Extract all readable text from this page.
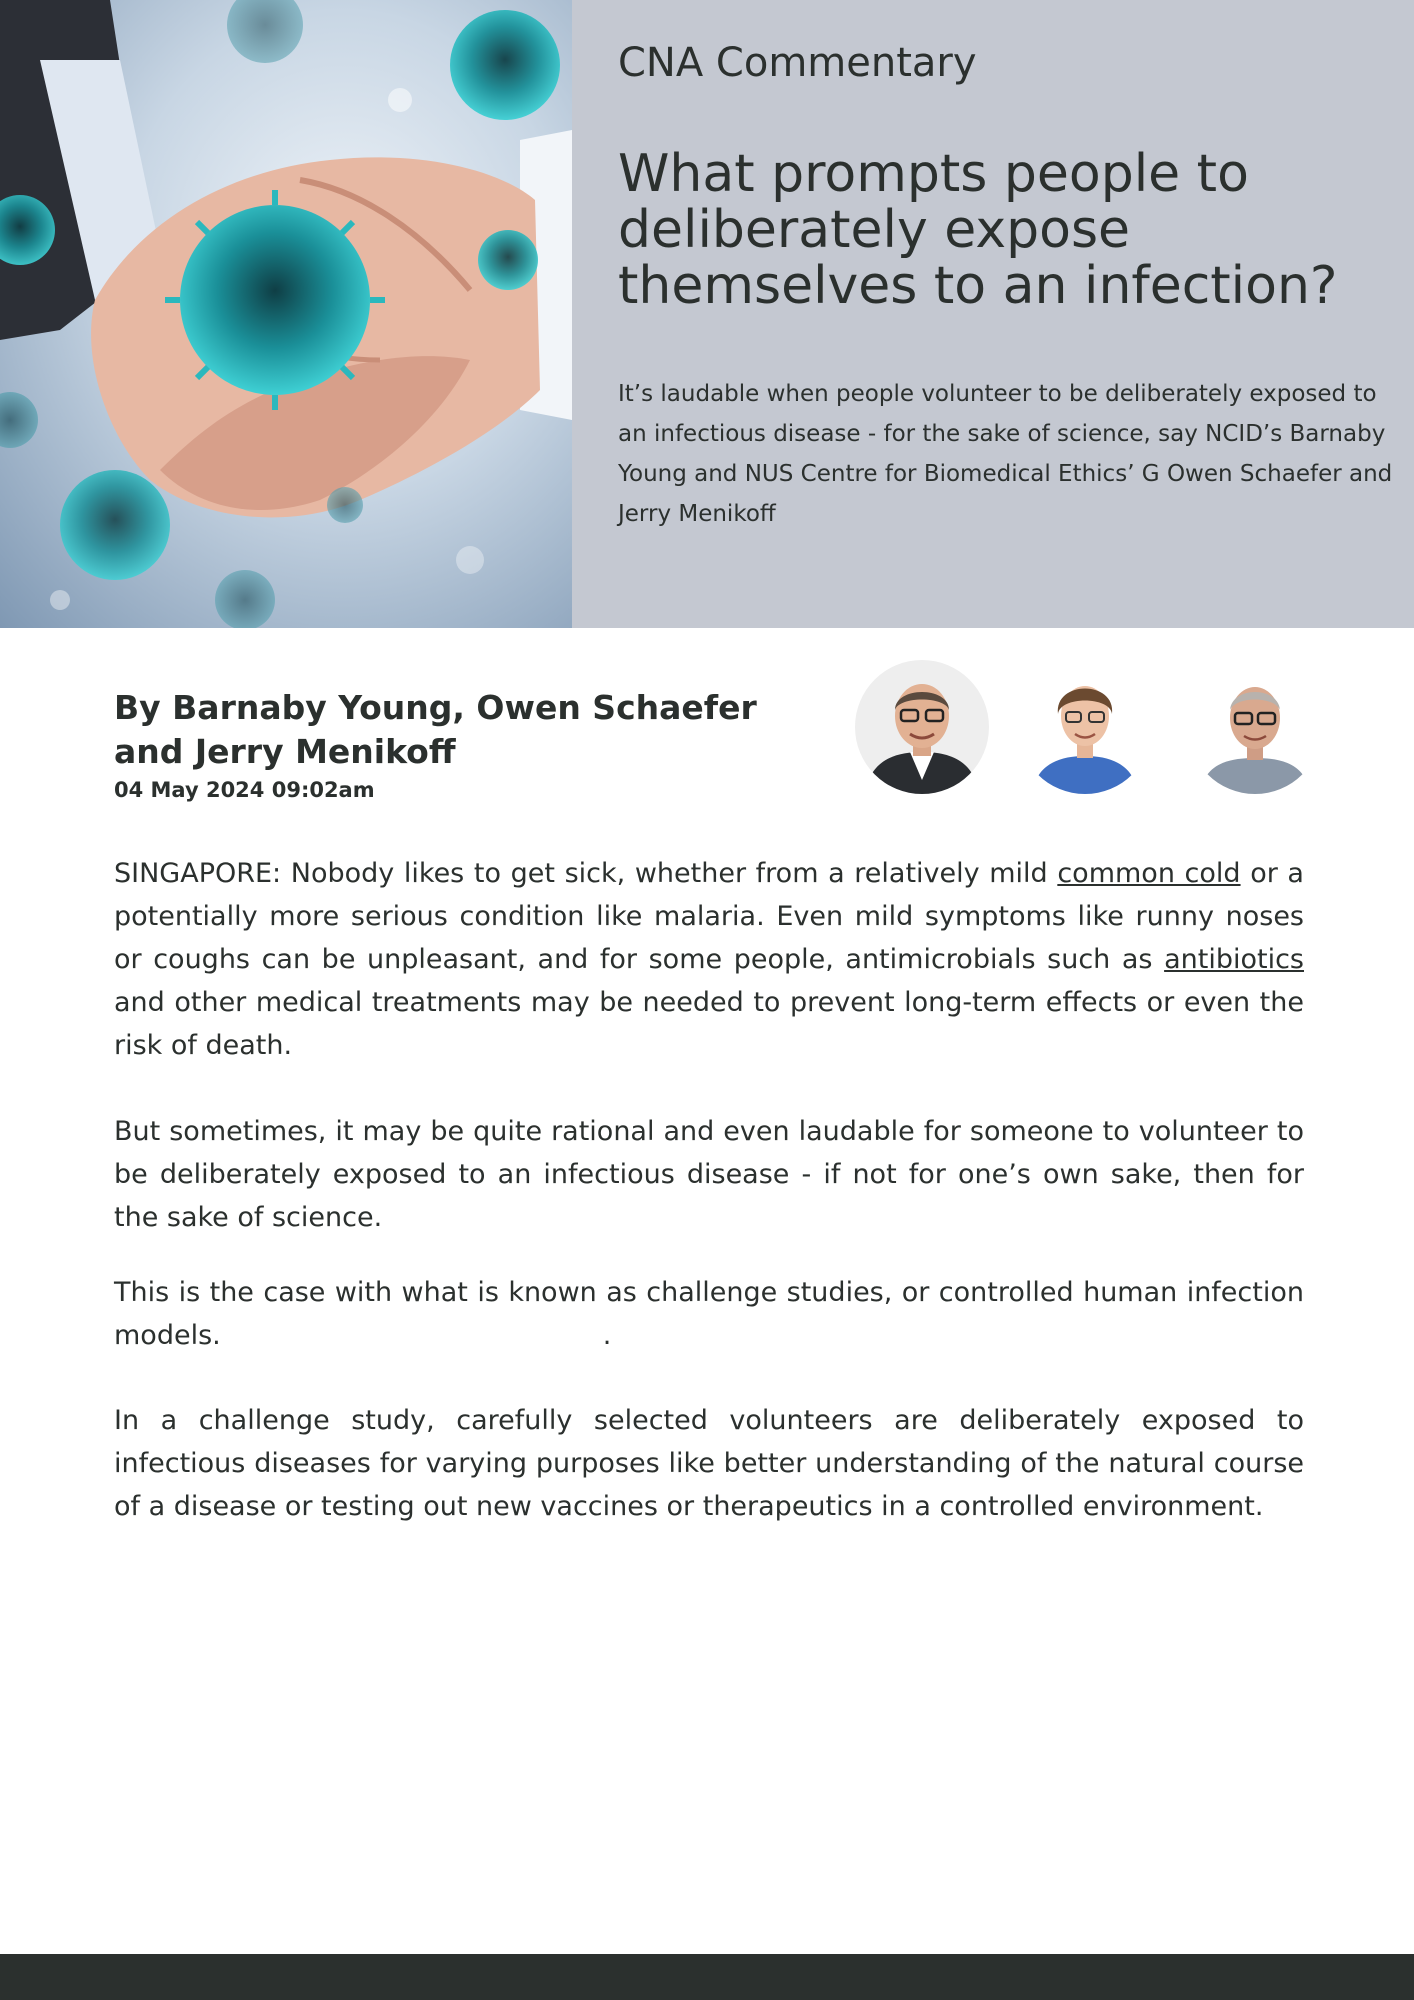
CNA Commentary
What prompts people to deliberately expose themselves to an infection?
It’s laudable when people volunteer to be deliberately exposed to an infectious disease - for the sake of science, say NCID’s Barnaby Young and NUS Centre for Biomedical Ethics’ G Owen Schaefer and Jerry Menikoff
By Barnaby Young, Owen Schaefer and Jerry Menikoff
04 May 2024 09:02am

SINGAPORE: Nobody likes to get sick, whether from a relatively mild common cold or a potentially more serious condition like malaria. Even mild symptoms like runny noses or coughs can be unpleasant, and for some people, antimicrobials such as antibiotics and other medical treatments may be needed to prevent long-term effects or even the risk of death.

But sometimes, it may be quite rational and even laudable for someone to volunteer to be deliberately exposed to an infectious disease - if not for one’s own sake, then for the sake of science.

This is the case with what is known as challenge studies, or controlled human infection models.	.

In a challenge study, carefully selected volunteers are deliberately exposed to infectious diseases for varying purposes like better understanding of the natural course of a disease or testing out new vaccines or therapeutics in a controlled environment.
